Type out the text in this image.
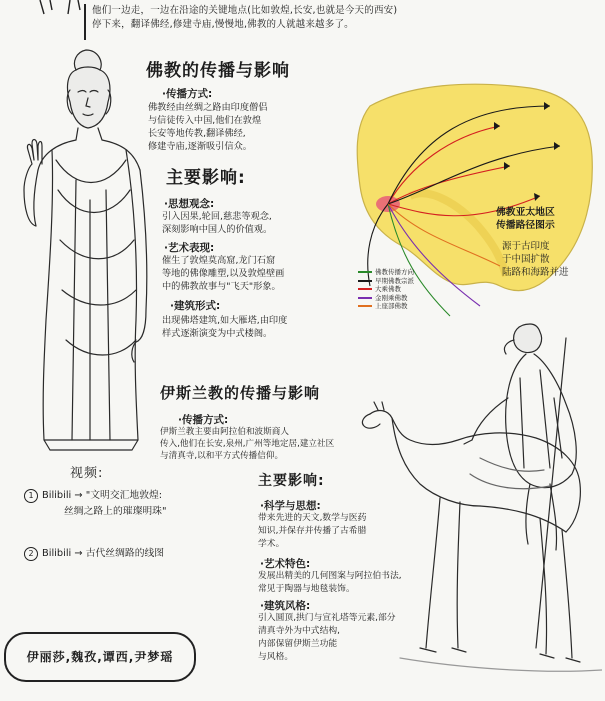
他们一边走，一边在沿途的关键地点(比如敦煌,长安,也就是今天的西安)
停下来，翻译佛经,修建寺庙,慢慢地,佛教的人就越来越多了。
佛教的传播与影响
·传播方式:
佛教经由丝绸之路由印度僧侣
与信徒传入中国,他们在敦煌
长安等地传教,翻译佛经,
修建寺庙,逐渐吸引信众。
主要影响:
·思想观念:
引入因果,轮回,慈悲等观念,
深刻影响中国人的价值观。
·艺术表现:
催生了敦煌莫高窟,龙门石窟
等地的佛像雕塑,以及敦煌壁画
中的佛教故事与"飞天"形象。
·建筑形式:
出现佛塔建筑,如大雁塔,由印度
样式逐渐演变为中式楼阁。
佛教传播方向
早期佛教宗派
大乘佛教
金刚乘佛教
上座部佛教
佛教亚太地区
传播路径图示
源于古印度
于中国扩散
陆路和海路并进
伊斯兰教的传播与影响
·传播方式:
伊斯兰教主要由阿拉伯和波斯商人
传入,他们在长安,泉州,广州等地定居,建立社区
与清真寺,以和平方式传播信仰。
主要影响:
·科学与思想:
带来先进的天文,数学与医药
知识,并保存并传播了古希腊
学术。
·艺术特色:
发展出精美的几何图案与阿拉伯书法,
常见于陶器与地毯装饰。
·建筑风格:
引入圆顶,拱门与宣礼塔等元素,部分
清真寺外为中式结构,
内部保留伊斯兰功能
与风格。
视频:
1 Bilibili → "文明交汇地敦煌:
丝绸之路上的璀璨明珠"
2 Bilibili → 古代丝绸路的线图
伊丽莎,魏孜,谭西,尹梦瑶
